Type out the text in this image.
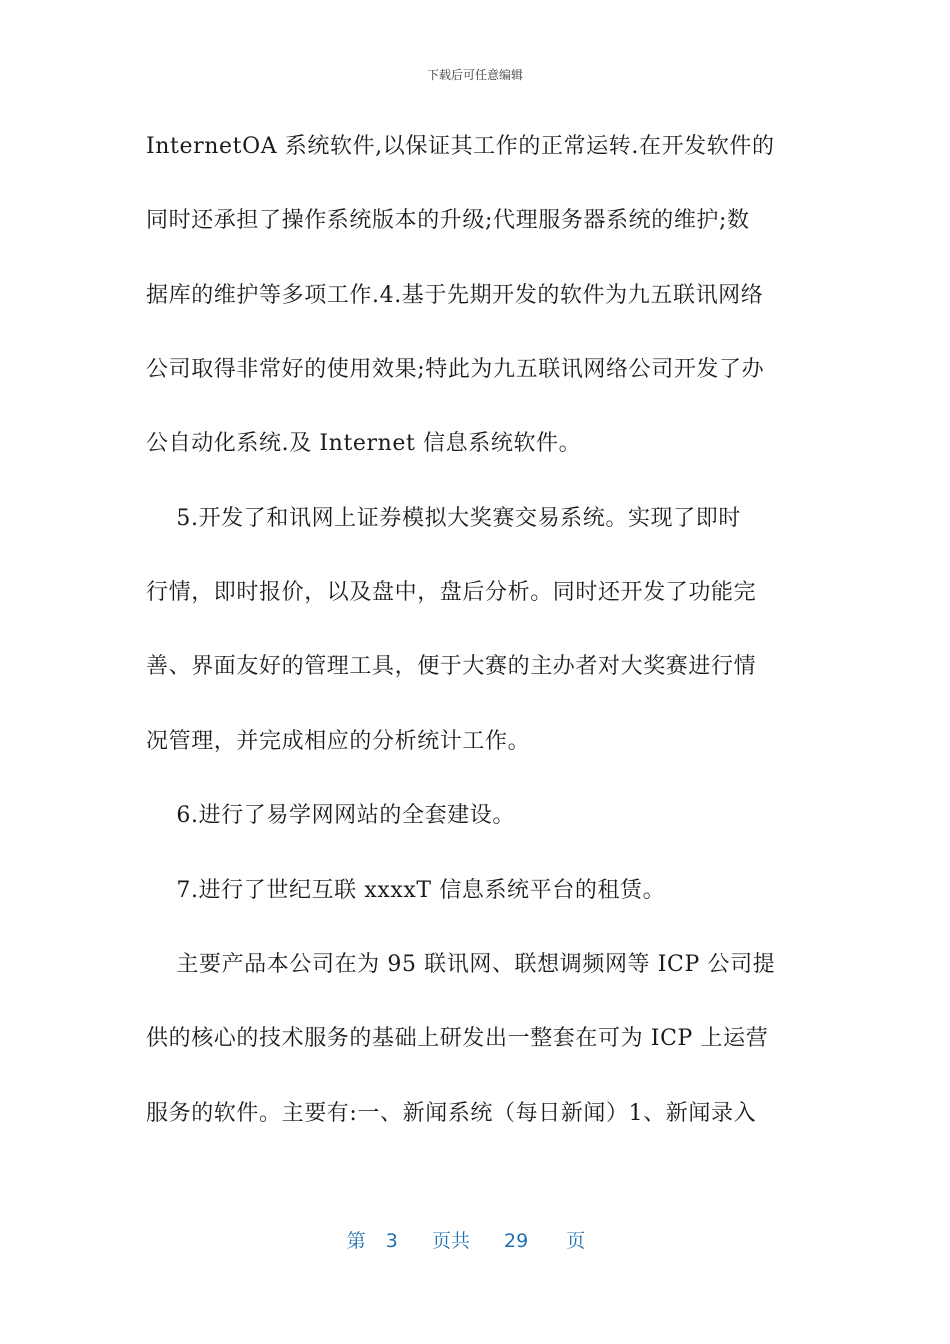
下载后可任意编辑

InternetOA 系统软件,以保证其工作的正常运转.在开发软件的

同时还承担了操作系统版本的升级;代理服务器系统的维护;数

据库的维护等多项工作.4.基于先期开发的软件为九五联讯网络

公司取得非常好的使用效果;特此为九五联讯网络公司开发了办

公自动化系统.及 Internet 信息系统软件。

5.开发了和讯网上证券模拟大奖赛交易系统。实现了即时

行情，即时报价，以及盘中，盘后分析。同时还开发了功能完

善、界面友好的管理工具，便于大赛的主办者对大奖赛进行情

况管理，并完成相应的分析统计工作。

6.进行了易学网网站的全套建设。

7.进行了世纪互联 xxxxT 信息系统平台的租赁。

主要产品本公司在为 95 联讯网、联想调频网等 ICP 公司提

供的核心的技术服务的基础上研发出一整套在可为 ICP 上运营

服务的软件。主要有:一、新闻系统（每日新闻）1、新闻录入

第 3 页共 29 页
